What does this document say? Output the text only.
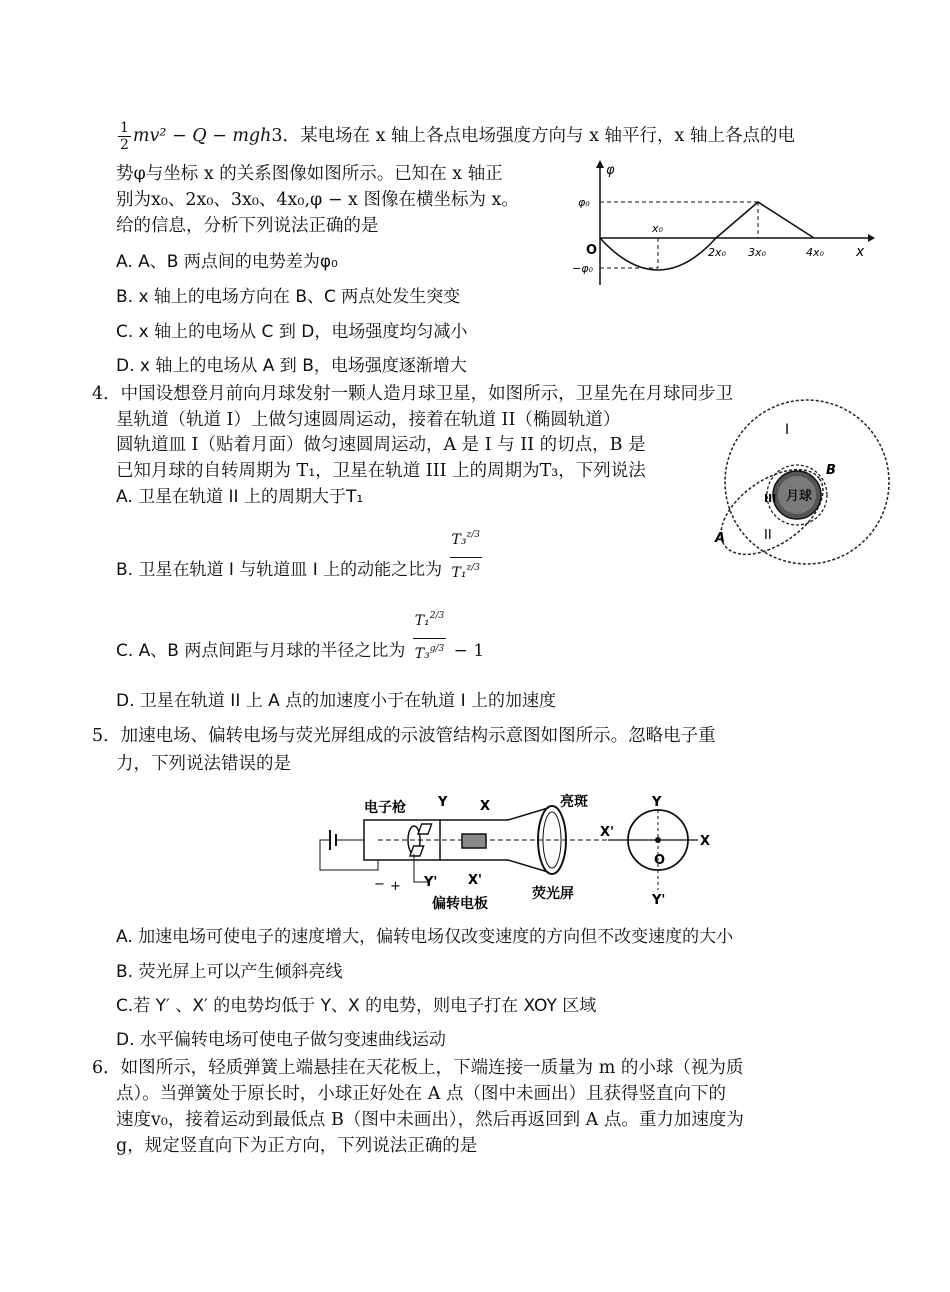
$\frac{1}{2} mv^2 - Q - mgh3$．某电场在 x 轴上各点电场强度方向与 x 轴平行，x 轴上各点的电
势φ与坐标 x 的关系图像如图所示。已知在 x 轴正
别为x₀、2x₀、3x₀、4x₀,φ − x 图像在横坐标为 x。
给的信息，分析下列说法正确的是
A. A、B 两点间的电势差为φ₀
B. x 轴上的电场方向在 B、C 两点处发生突变
C. x 轴上的电场从 C 到 D，电场强度均匀减小
D. x 轴上的电场从 A 到 B，电场强度逐渐增大
φ
x
O
φ₀
−φ₀
x₀
2x₀ 3x₀	4x₀
4．中国设想登月前向月球发射一颗人造月球卫星，如图所示，卫星先在月球同步卫
星轨道（轨道 I）上做匀速圆周运动，接着在轨道 II（椭圆轨道）
圆轨道皿 I（贴着月面）做匀速圆周运动，A 是 I 与 II 的切点，B 是
已知月球的自转周期为 T₁，卫星在轨道 III 上的周期为T₃，下列说法
A. 卫星在轨道 II 上的周期大于T₁
B. 卫星在轨道 I 与轨道皿 I 上的动能之比为 $\frac{T_3^{z/3}}{T_1^{z/3}}$
C. A、B 两点间距与月球的半径之比为 $\frac{T_1^{2/3}}{T_3^{g/3}} - 1$
D. 卫星在轨道 II 上 A 点的加速度小于在轨道 I 上的加速度
月球
I
II
III
A
B
5．加速电场、偏转电场与荧光屏组成的示波管结构示意图如图所示。忽略电子重
力，下列说法错误的是
电子枪 Y	X	亮斑	Y
X'
X
O
Y'
Y' X'
− +
偏转电板
荧光屏
A. 加速电场可使电子的速度增大，偏转电场仅改变速度的方向但不改变速度的大小
B. 荧光屏上可以产生倾斜亮线
C.若 Y′ 、X′ 的电势均低于 Y、X 的电势，则电子打在 XOY 区域
D. 水平偏转电场可使电子做匀变速曲线运动
6．如图所示，轻质弹簧上端悬挂在天花板上，下端连接一质量为 m 的小球（视为质
点）。当弹簧处于原长时，小球正好处在 A 点（图中未画出）且获得竖直向下的
速度v₀，接着运动到最低点 B（图中未画出），然后再返回到 A 点。重力加速度为
g，规定竖直向下为正方向，下列说法正确的是
